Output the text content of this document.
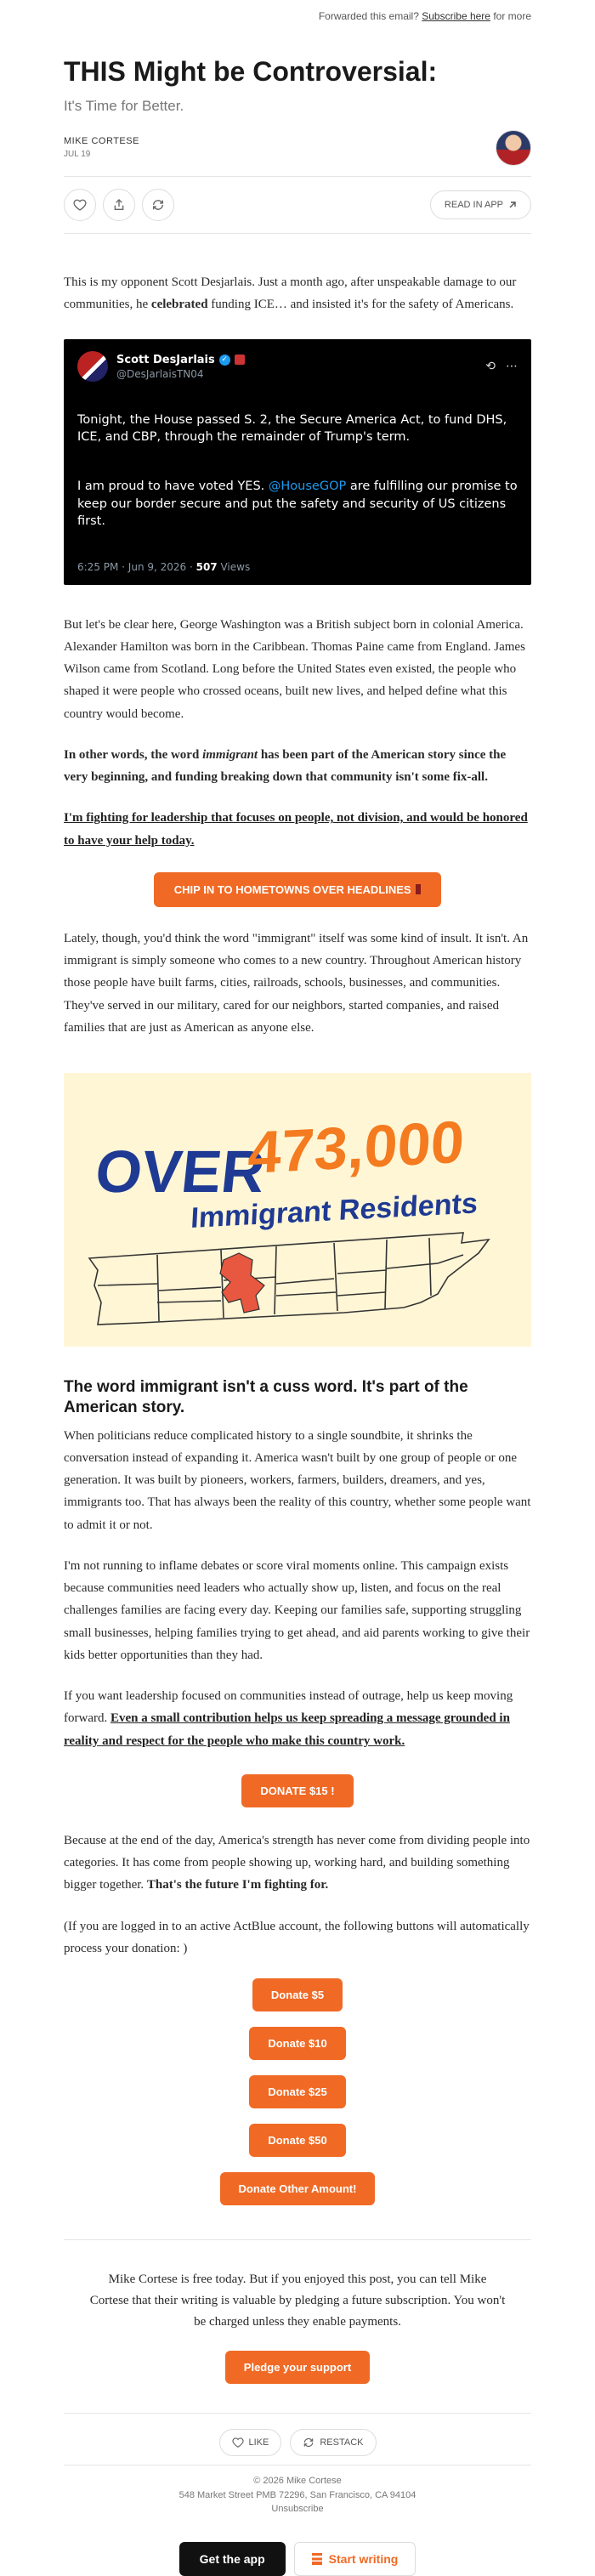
Forwarded this email? Subscribe here for more
THIS Might be Controversial:
It's Time for Better.
MIKE CORTESE
JUL 19
READ IN APP

This is my opponent Scott Desjarlais. Just a month ago, after unspeakable damage to our communities, he celebrated funding ICE… and insisted it's for the safety of Americans.

Scott DesJarlais ✓
@DesJarlaisTN04
⟲ ⋯

Tonight, the House passed S. 2, the Secure America Act, to fund DHS, ICE, and CBP, through the remainder of Trump's term.

I am proud to have voted YES. @HouseGOP are fulfilling our promise to keep our border secure and put the safety and security of US citizens first.

6:25 PM · Jun 9, 2026 · 507 Views

But let's be clear here, George Washington was a British subject born in colonial America. Alexander Hamilton was born in the Caribbean. Thomas Paine came from England. James Wilson came from Scotland. Long before the United States even existed, the people who shaped it were people who crossed oceans, built new lives, and helped define what this country would become.

In other words, the word immigrant has been part of the American story since the very beginning, and funding breaking down that community isn't some fix-all.

I'm fighting for leadership that focuses on people, not division, and would be honored to have your help today.

CHIP IN TO HOMETOWNS OVER HEADLINES

Lately, though, you'd think the word "immigrant" itself was some kind of insult. It isn't. An immigrant is simply someone who comes to a new country. Throughout American history those people have built farms, cities, railroads, schools, businesses, and communities. They've served in our military, cared for our neighbors, started companies, and raised families that are just as American as anyone else.

OVER
473,000
Immigrant Residents
The word immigrant isn't a cuss word. It's part of the American story.

When politicians reduce complicated history to a single soundbite, it shrinks the conversation instead of expanding it. America wasn't built by one group of people or one generation. It was built by pioneers, workers, farmers, builders, dreamers, and yes, immigrants too. That has always been the reality of this country, whether some people want to admit it or not.

I'm not running to inflame debates or score viral moments online. This campaign exists because communities need leaders who actually show up, listen, and focus on the real challenges families are facing every day. Keeping our families safe, supporting struggling small businesses, helping families trying to get ahead, and aid parents working to give their kids better opportunities than they had.

If you want leadership focused on communities instead of outrage, help us keep moving forward. Even a small contribution helps us keep spreading a message grounded in reality and respect for the people who make this country work.

DONATE $15 !

Because at the end of the day, America's strength has never come from dividing people into categories. It has come from people showing up, working hard, and building something bigger together. That's the future I'm fighting for.

(If you are logged in to an active ActBlue account, the following buttons will automatically process your donation: )

Donate $5
Donate $10
Donate $25
Donate $50
Donate Other Amount!

Mike Cortese is free today. But if you enjoyed this post, you can tell Mike Cortese that their writing is valuable by pledging a future subscription. You won't be charged unless they enable payments.

Pledge your support
LIKE	RESTACK
© 2026 Mike Cortese
548 Market Street PMB 72296, San Francisco, CA 94104
Unsubscribe
Get the app	Start writing
